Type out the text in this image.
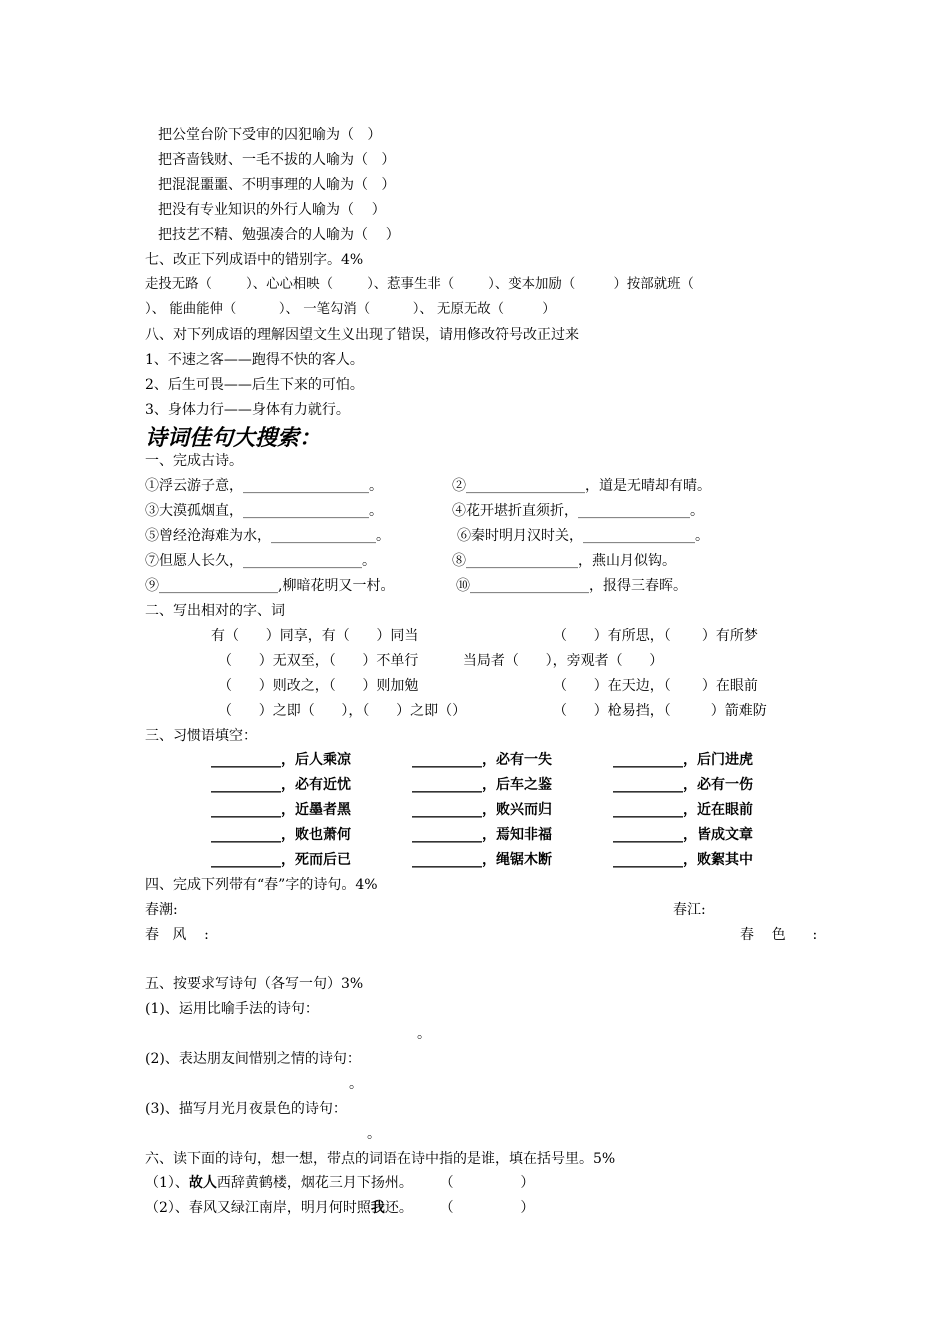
把公堂台阶下受审的囚犯喻为（   ）
把吝啬钱财、一毛不拔的人喻为（   ）
把混混噩噩、不明事理的人喻为（   ）
把没有专业知识的外行人喻为（    ）
把技艺不精、勉强凑合的人喻为（    ）
七、改正下列成语中的错别字。4%
走投无路（        ）、心心相映（        ）、惹事生非（        ）、变本加励（         ）按部就班（
）、 能曲能伸（          ）、 一笔勾消（          ）、 无原无故（         ）
八、对下列成语的理解因望文生义出现了错误，请用修改符号改正过来
1、不速之客——跑得不快的客人。
2、后生可畏——后生下来的可怕。
3、身体力行——身体有力就行。
诗词佳句大搜索：
一、完成古诗。
①浮云游子意，__________________。	②_________________，道是无晴却有晴。
③大漠孤烟直，__________________。	④花开堪折直须折，________________。
⑤曾经沧海难为水，_______________。	⑥秦时明月汉时关，________________。
⑦但愿人长久，_________________。	⑧________________，燕山月似钩。
⑨_________________,柳暗花明又一村。	⑩_________________，报得三春晖。
二、写出相对的字、词
有（      ）同享，有（      ）同当	（      ）有所思，（       ）有所梦
（      ）无双至，（      ）不单行          当局者（      ），旁观者（      ）
（      ）则改之，（      ）则加勉	（      ）在天边，（       ）在眼前
（      ）之即（      ），（      ）之即（）	（      ）枪易挡，（         ）箭难防
三、习惯语填空：
__________，后人乘凉	__________，必有一失	__________，后门进虎
__________，必有近忧	__________，后车之鉴	__________，必有一伤
__________，近墨者黑	__________，败兴而归	__________，近在眼前
__________，败也萧何	__________，焉知非福	__________，皆成文章
__________，死而后已	__________，绳锯木断	__________，败絮其中
四、完成下列带有“春”字的诗句。4%
春潮:	春江:
春   风    :	春    色      :
五、按要求写诗句（各写一句）3%
(1)、运用比喻手法的诗句：
。
(2)、表达朋友间惜别之情的诗句：
。
(3)、描写月光月夜景色的诗句：
。
六、读下面的诗句，想一想，带点的词语在诗中指的是谁，填在括号里。5%
（1）、故人西辞黄鹤楼，烟花三月下扬州。      （               ）
（2）、春风又绿江南岸，明月何时照我还。      （               ）
